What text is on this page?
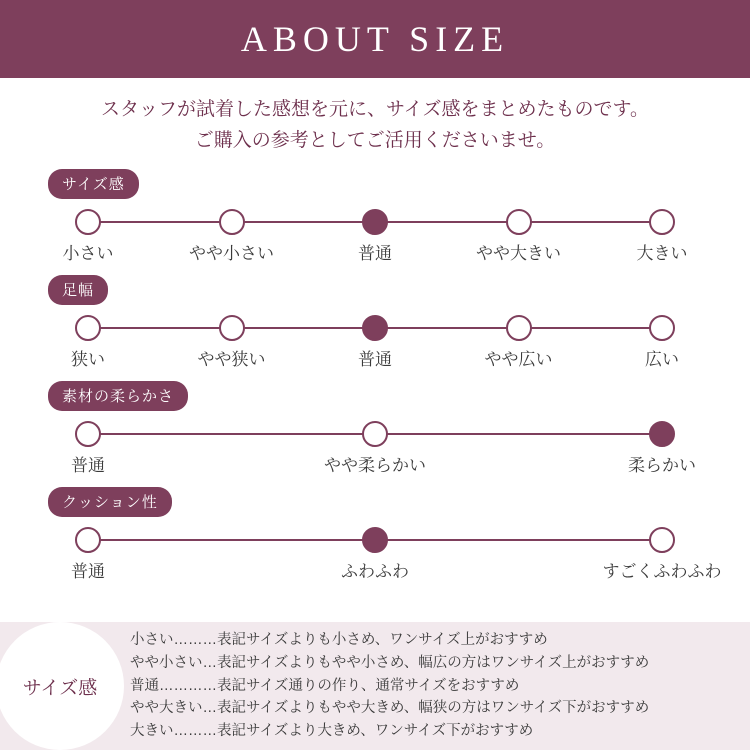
ABOUT SIZE
スタッフが試着した感想を元に、サイズ感をまとめたものです。
ご購入の参考としてご活用くださいませ。
サイズ感
小さい	やや小さい	普通	やや大きい	大きい
足幅
狭い	やや狭い	普通	やや広い	広い
素材の柔らかさ
普通	やや柔らかい	柔らかい
クッション性
普通	ふわふわ	すごくふわふわ
サイズ感
小さい………表記サイズよりも小さめ、ワンサイズ上がおすすめ
やや小さい…表記サイズよりもやや小さめ、幅広の方はワンサイズ上がおすすめ
普通…………表記サイズ通りの作り、通常サイズをおすすめ
やや大きい…表記サイズよりもやや大きめ、幅狭の方はワンサイズ下がおすすめ
大きい………表記サイズより大きめ、ワンサイズ下がおすすめ
